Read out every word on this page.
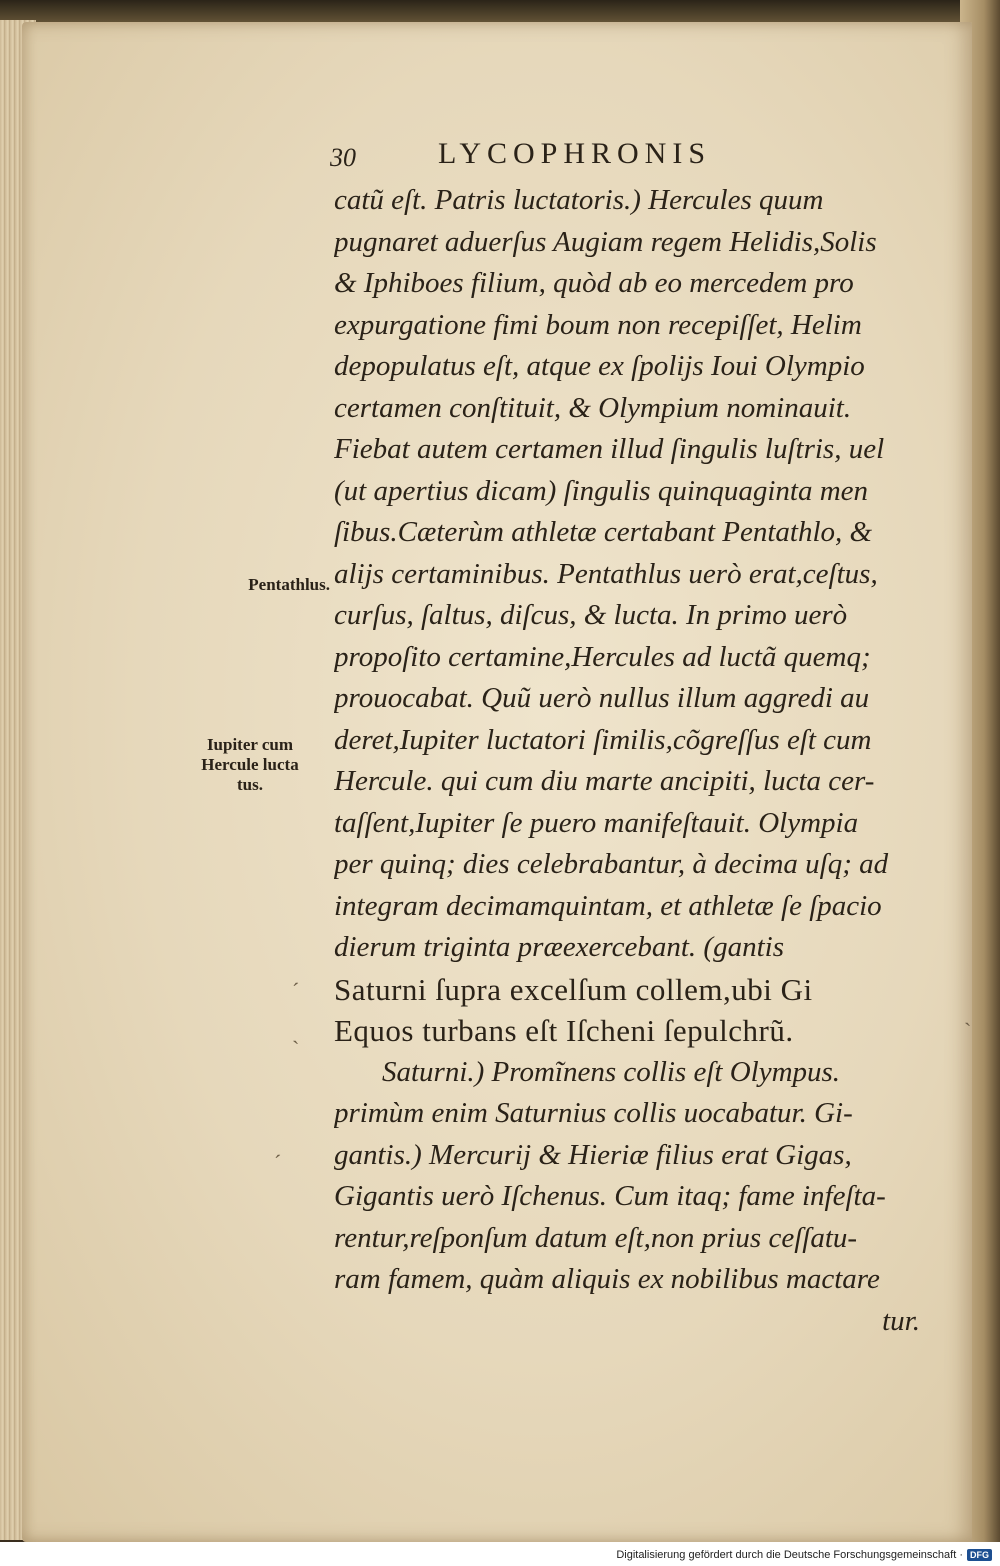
30	LYCOPHRONIS
Pentathlus.
Iupiter cum
Hercule lucta
tus.
catũ eſt. Patris luctatoris.) Hercules quum
pugnaret aduerſus Augiam regem Helidis,Solis
& Iphiboes filium, quòd ab eo mercedem pro
expurgatione fimi boum non recepiſſet, Helim
depopulatus eſt, atque ex ſpolijs Ioui Olympio
certamen conſtituit, & Olympium nominauit.
Fiebat autem certamen illud ſingulis luſtris, uel
(ut apertius dicam) ſingulis quinquaginta men
ſibus.Cæterùm athletæ certabant Pentathlo, &
alijs certaminibus. Pentathlus uerò erat,ceſtus,
curſus, ſaltus, diſcus, & lucta. In primo uerò
propoſito certamine,Hercules ad luctã quemq;
prouocabat. Quũ uerò nullus illum aggredi au
deret,Iupiter luctatori ſimilis,cõgreſſus eſt cum
Hercule. qui cum diu marte ancipiti, lucta cer-
taſſent,Iupiter ſe puero manifeſtauit. Olympia
per quinq; dies celebrabantur, à decima uſq; ad
integram decimamquintam, et athletæ ſe ſpacio
dierum triginta præexercebant. (gantis
Saturni ſupra excelſum collem,ubi Gi
Equos turbans eſt Iſcheni ſepulchrũ.
Saturni.) Promĩnens collis eſt Olympus.
primùm enim Saturnius collis uocabatur. Gi-
gantis.) Mercurij & Hieriæ filius erat Gigas,
Gigantis uerò Iſchenus. Cum itaq; fame infeſta-
rentur,reſponſum datum eſt,non prius ceſſatu-
ram famem, quàm aliquis ex nobilibus mactare
tur.
ˊ
ˋ
ˊ
ˋ
Digitalisierung gefördert durch die Deutsche Forschungsgemeinschaft · DFG
